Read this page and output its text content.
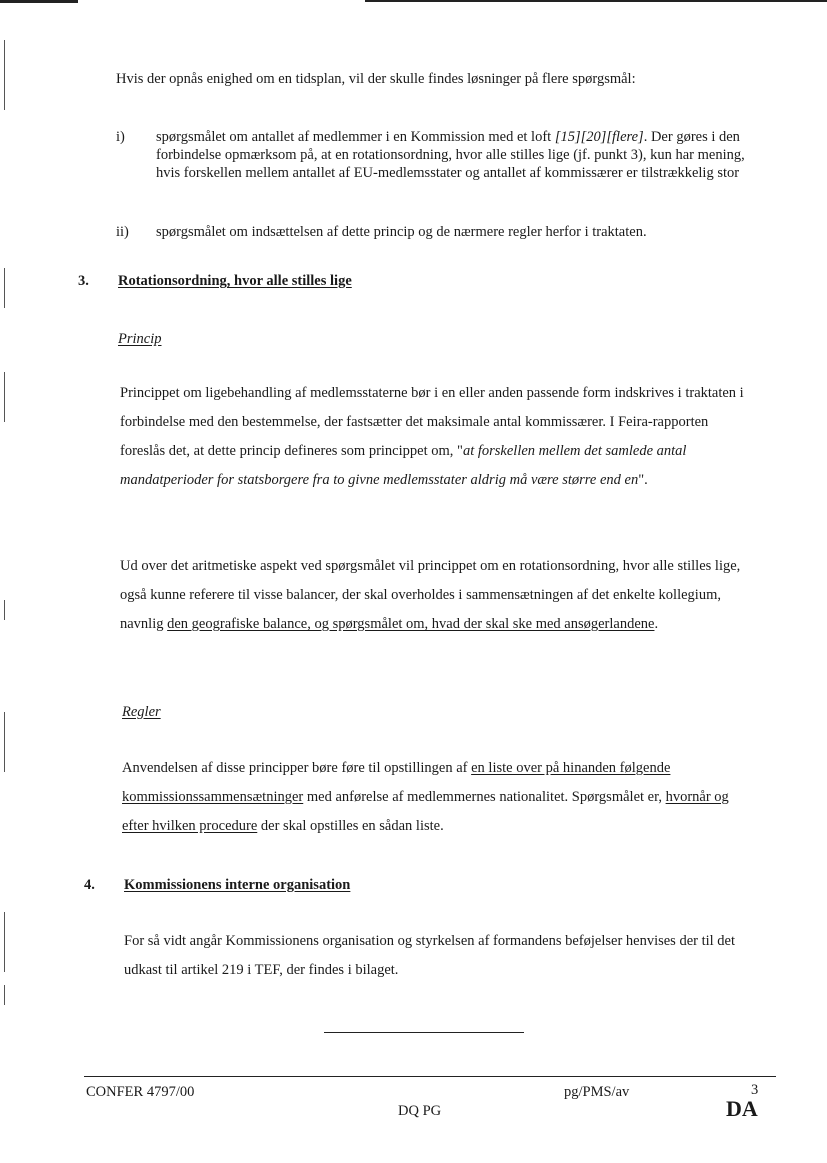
Hvis der opnås enighed om en tidsplan, vil der skulle findes løsninger på flere spørgsmål:
i) spørgsmålet om antallet af medlemmer i en Kommission med et loft [15][20][flere]. Der gøres i den forbindelse opmærksom på, at en rotationsordning, hvor alle stilles lige (jf. punkt 3), kun har mening, hvis forskellen mellem antallet af EU-medlemsstater og antallet af kommissærer er tilstrækkelig stor
ii) spørgsmålet om indsættelsen af dette princip og de nærmere regler herfor i traktaten.
3. Rotationsordning, hvor alle stilles lige
Princip
Princippet om ligebehandling af medlemsstaterne bør i en eller anden passende form indskrives i traktaten i forbindelse med den bestemmelse, der fastsætter det maksimale antal kommissærer. I Feira-rapporten foreslås det, at dette princip defineres som princippet om, "at forskellen mellem det samlede antal mandatperioder for statsborgere fra to givne medlemsstater aldrig må være større end en".
Ud over det aritmetiske aspekt ved spørgsmålet vil princippet om en rotationsordning, hvor alle stilles lige, også kunne referere til visse balancer, der skal overholdes i sammensætningen af det enkelte kollegium, navnlig den geografiske balance, og spørgsmålet om, hvad der skal ske med ansøgerlandene.
Regler
Anvendelsen af disse principper børe føre til opstillingen af en liste over på hinanden følgende kommissionssammensætninger med anførelse af medlemmernes nationalitet. Spørgsmålet er, hvornår og efter hvilken procedure der skal opstilles en sådan liste.
4. Kommissionens interne organisation
For så vidt angår Kommissionens organisation og styrkelsen af formandens beføjelser henvises der til det udkast til artikel 219 i TEF, der findes i bilaget.
CONFER 4797/00	pg/PMS/av	3
DQ PG	DA
